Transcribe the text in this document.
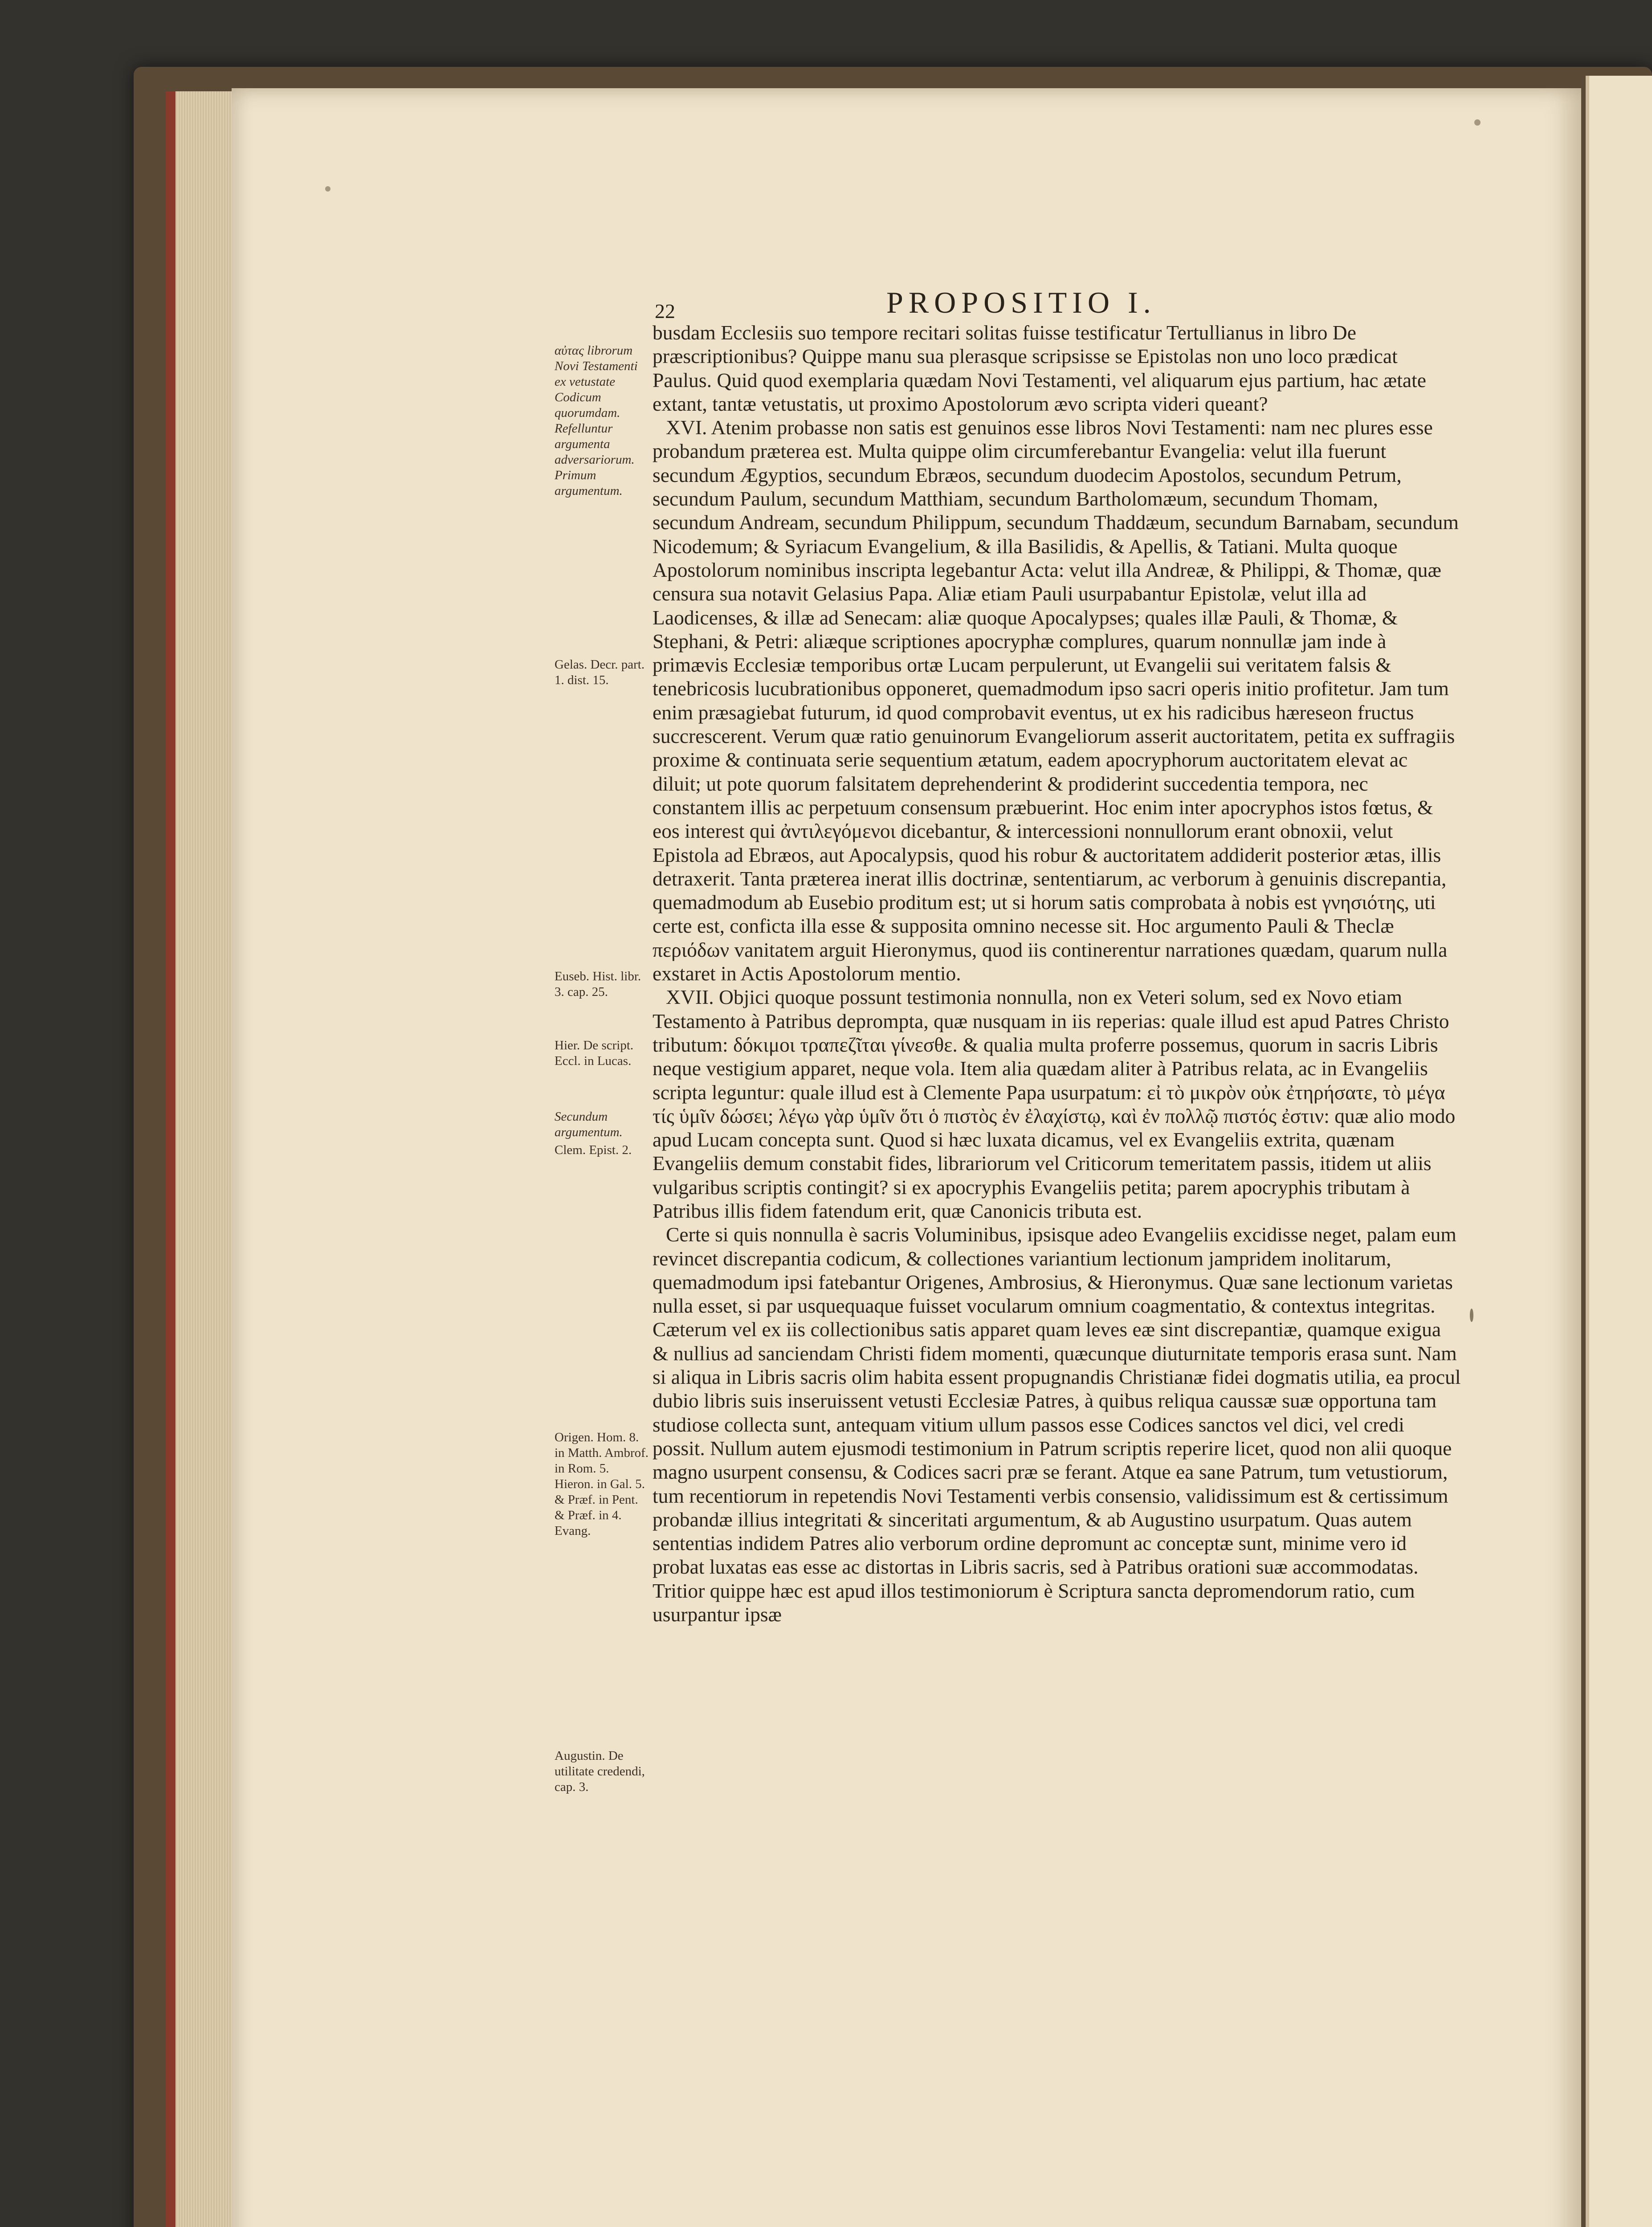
22	PROPOSITIO I.
αὐτας librorum Novi Testamenti ex vetustate Codicum quorumdam. Refelluntur argumenta adversariorum. Primum argumentum.
Gelas. Decr. part. 1. dist. 15.
Euseb. Hist. libr. 3. cap. 25.
Hier. De script. Eccl. in Lucas.
Secundum argumentum.
Clem. Epist. 2.
Origen. Hom. 8. in Matth. Ambrof. in Rom. 5. Hieron. in Gal. 5. & Præf. in Pent. & Præf. in 4. Evang.
Augustin. De utilitate credendi, cap. 3.

busdam Ecclesiis suo tempore recitari solitas fuisse testificatur Tertullianus in libro De præscriptionibus? Quippe manu sua plerasque scripsisse se Epistolas non uno loco prædicat Paulus. Quid quod exemplaria quædam Novi Testamenti, vel aliquarum ejus partium, hac ætate extant, tantæ vetustatis, ut proximo Apostolorum ævo scripta videri queant?

XVI. Atenim probasse non satis est genuinos esse libros Novi Testamenti: nam nec plures esse probandum præterea est. Multa quippe olim circumferebantur Evangelia: velut illa fuerunt secundum Ægyptios, secundum Ebræos, secundum duodecim Apostolos, secundum Petrum, secundum Paulum, secundum Matthiam, secundum Bartholomæum, secundum Thomam, secundum Andream, secundum Philippum, secundum Thaddæum, secundum Barnabam, secundum Nicodemum; & Syriacum Evangelium, & illa Basilidis, & Apellis, & Tatiani. Multa quoque Apostolorum nominibus inscripta legebantur Acta: velut illa Andreæ, & Philippi, & Thomæ, quæ censura sua notavit Gelasius Papa. Aliæ etiam Pauli usurpabantur Epistolæ, velut illa ad Laodicenses, & illæ ad Senecam: aliæ quoque Apocalypses; quales illæ Pauli, & Thomæ, & Stephani, & Petri: aliæque scriptiones apocryphæ complures, quarum nonnullæ jam inde à primævis Ecclesiæ temporibus ortæ Lucam perpulerunt, ut Evangelii sui veritatem falsis & tenebricosis lucubrationibus opponeret, quemadmodum ipso sacri operis initio profitetur. Jam tum enim præsagiebat futurum, id quod comprobavit eventus, ut ex his radicibus hæreseon fructus succrescerent. Verum quæ ratio genuinorum Evangeliorum asserit auctoritatem, petita ex suffragiis proxime & continuata serie sequentium ætatum, eadem apocryphorum auctoritatem elevat ac diluit; ut pote quorum falsitatem deprehenderint & prodiderint succedentia tempora, nec constantem illis ac perpetuum consensum præbuerint. Hoc enim inter apocryphos istos fœtus, & eos interest qui ἀντιλεγόμενοι dicebantur, & intercessioni nonnullorum erant obnoxii, velut Epistola ad Ebræos, aut Apocalypsis, quod his robur & auctoritatem addiderit posterior ætas, illis detraxerit. Tanta præterea inerat illis doctrinæ, sententiarum, ac verborum à genuinis discrepantia, quemadmodum ab Eusebio proditum est; ut si horum satis comprobata à nobis est γνησιότης, uti certe est, conficta illa esse & supposita omnino necesse sit. Hoc argumento Pauli & Theclæ περιόδων vanitatem arguit Hieronymus, quod iis continerentur narrationes quædam, quarum nulla exstaret in Actis Apostolorum mentio.

XVII. Objici quoque possunt testimonia nonnulla, non ex Veteri solum, sed ex Novo etiam Testamento à Patribus deprompta, quæ nusquam in iis reperias: quale illud est apud Patres Christo tributum: δόκιμοι τραπεζῖται γίνεσθε. & qualia multa proferre possemus, quorum in sacris Libris neque vestigium apparet, neque vola. Item alia quædam aliter à Patribus relata, ac in Evangeliis scripta leguntur: quale illud est à Clemente Papa usurpatum: εἰ τὸ μικρὸν οὐκ ἐτηρήσατε, τὸ μέγα τίς ὑμῖν δώσει; λέγω γὰρ ὑμῖν ὅτι ὁ πιστὸς ἐν ἐλαχίστῳ, καὶ ἐν πολλῷ πιστός ἐστιν: quæ alio modo apud Lucam concepta sunt. Quod si hæc luxata dicamus, vel ex Evangeliis extrita, quænam Evangeliis demum constabit fides, librariorum vel Criticorum temeritatem passis, itidem ut aliis vulgaribus scriptis contingit? si ex apocryphis Evangeliis petita; parem apocryphis tributam à Patribus illis fidem fatendum erit, quæ Canonicis tributa est.

Certe si quis nonnulla è sacris Voluminibus, ipsisque adeo Evangeliis excidisse neget, palam eum revincet discrepantia codicum, & collectiones variantium lectionum jampridem inolitarum, quemadmodum ipsi fatebantur Origenes, Ambrosius, & Hieronymus. Quæ sane lectionum varietas nulla esset, si par usquequaque fuisset vocularum omnium coagmentatio, & contextus integritas. Cæterum vel ex iis collectionibus satis apparet quam leves eæ sint discrepantiæ, quamque exigua & nullius ad sanciendam Christi fidem momenti, quæcunque diuturnitate temporis erasa sunt. Nam si aliqua in Libris sacris olim habita essent propugnandis Christianæ fidei dogmatis utilia, ea procul dubio libris suis inseruissent vetusti Ecclesiæ Patres, à quibus reliqua caussæ suæ opportuna tam studiose collecta sunt, antequam vitium ullum passos esse Codices sanctos vel dici, vel credi possit. Nullum autem ejusmodi testimonium in Patrum scriptis reperire licet, quod non alii quoque magno usurpent consensu, & Codices sacri præ se ferant. Atque ea sane Patrum, tum vetustiorum, tum recentiorum in repetendis Novi Testamenti verbis consensio, validissimum est & certissimum probandæ illius integritati & sinceritati argumentum, & ab Augustino usurpatum. Quas autem sententias indidem Patres alio verborum ordine depromunt ac conceptæ sunt, minime vero id probat luxatas eas esse ac distortas in Libris sacris, sed à Patribus orationi suæ accommodatas. Tritior quippe hæc est apud illos testimoniorum è Scriptura sancta depromendorum ratio, cum usurpantur ipsæ
